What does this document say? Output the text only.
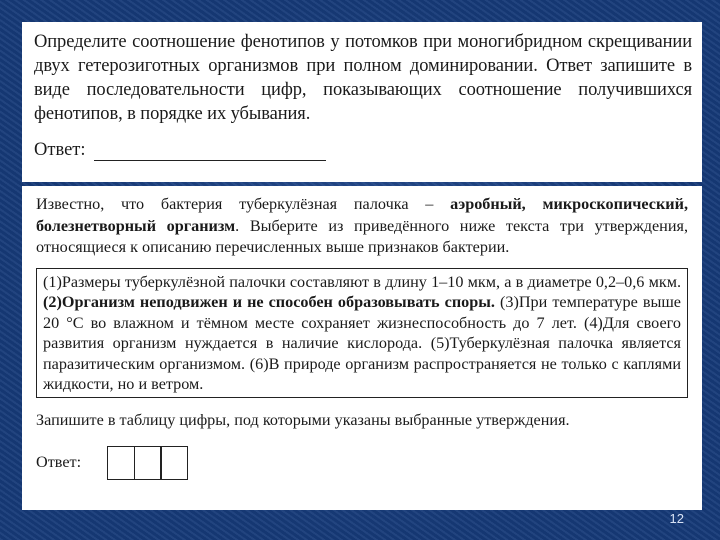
Определите соотношение фенотипов у потомков при моногибридном скрещивании двух гетерозиготных организмов при полном доминировании. Ответ запишите в виде последовательности цифр, показывающих соотношение получившихся фенотипов, в порядке их убывания.

Ответ:

Известно, что бактерия туберкулёзная палочка – аэробный, микроскопический, болезнетворный организм. Выберите из приведённого ниже текста три утверждения, относящиеся к описанию перечисленных выше признаков бактерии.

(1)Размеры туберкулёзной палочки составляют в длину 1–10 мкм, а в диаметре 0,2–0,6 мкм. (2)Организм неподвижен и не способен образовывать споры. (3)При температуре выше 20 °С во влажном и тёмном месте сохраняет жизнеспособность до 7 лет. (4)Для своего развития организм нуждается в наличие кислорода. (5)Туберкулёзная палочка является паразитическим организмом. (6)В природе организм распространяется не только с каплями жидкости, но и ветром.
Запишите в таблицу цифры, под которыми указаны выбранные утверждения.
Ответ:
12
